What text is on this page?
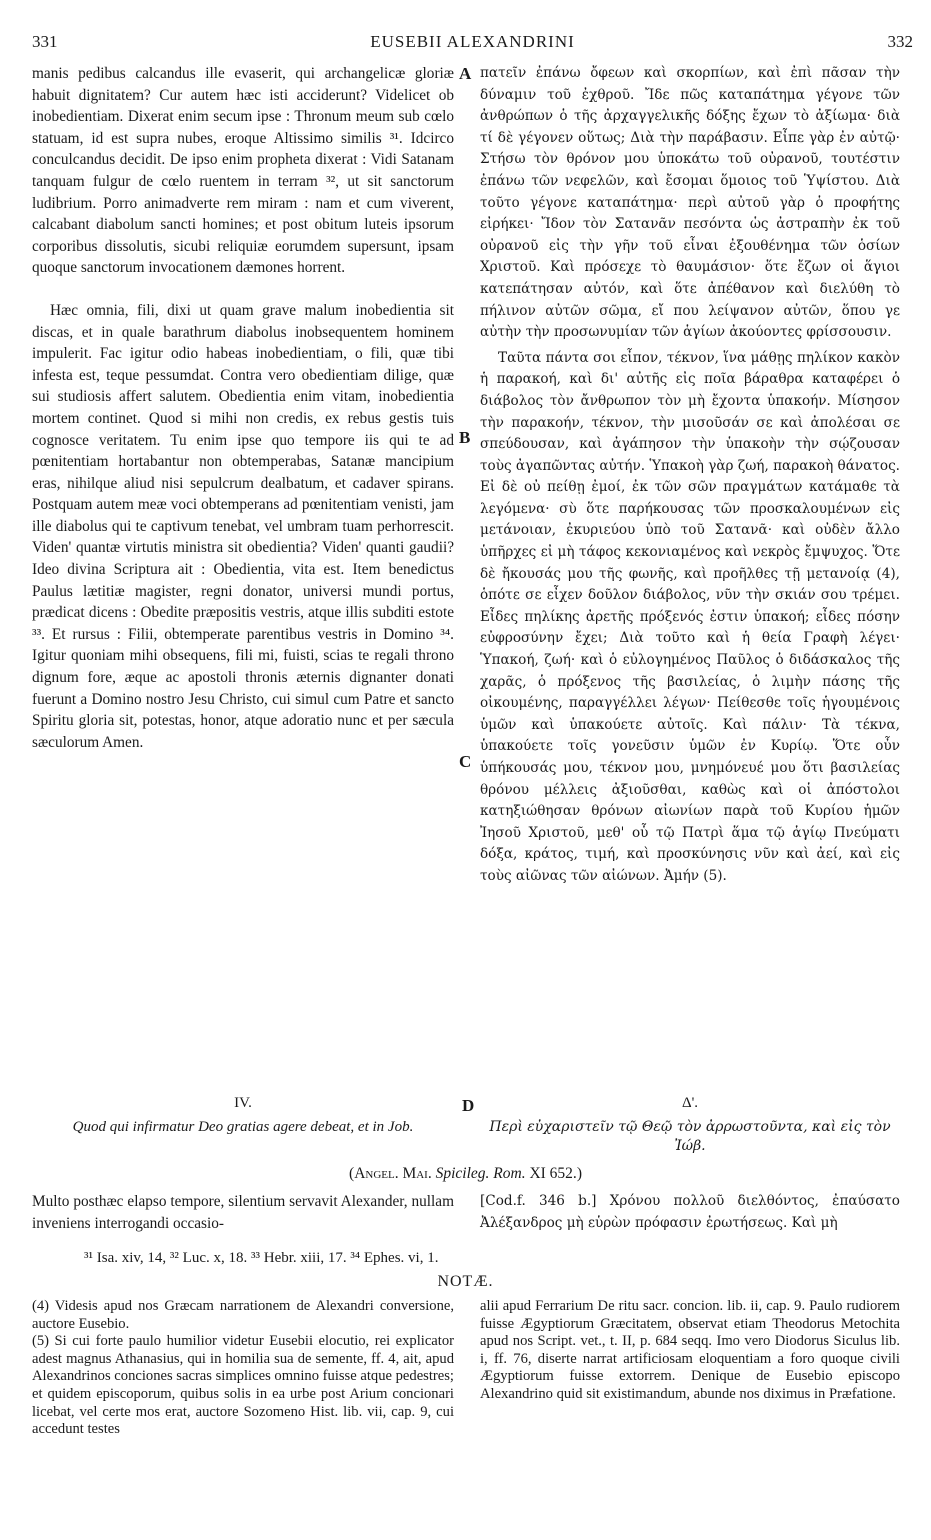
331	EUSEBII ALEXANDRINI	332

manis pedibus calcandus ille evaserit, qui archangelicæ gloriæ habuit dignitatem? Cur autem hæc isti acciderunt? Videlicet ob inobedientiam. Dixerat enim secum ipse : Thronum meum sub cœlo statuam, id est supra nubes, eroque Altissimo similis ³¹. Idcirco conculcandus decidit. De ipso enim propheta dixerat : Vidi Satanam tanquam fulgur de cœlo ruentem in terram ³², ut sit sanctorum ludibrium. Porro animadverte rem miram : nam et cum viverent, calcabant diabolum sancti homines; et post obitum luteis ipsorum corporibus dissolutis, sicubi reliquiæ eorumdem supersunt, ipsam quoque sanctorum invocationem dæmones horrent.

Hæc omnia, fili, dixi ut quam grave malum inobedientia sit discas, et in quale barathrum diabolus inobsequentem hominem impulerit. Fac igitur odio habeas inobedientiam, o fili, quæ tibi infesta est, teque pessumdat. Contra vero obedientiam dilige, quæ sui studiosis affert salutem. Obedientia enim vitam, inobedientia mortem continet. Quod si mihi non credis, ex rebus gestis tuis cognosce veritatem. Tu enim ipse quo tempore iis qui te ad pœnitentiam hortabantur non obtemperabas, Satanæ mancipium eras, nihilque aliud nisi sepulcrum dealbatum, et cadaver spirans. Postquam autem meæ voci obtemperans ad pœnitentiam venisti, jam ille diabolus qui te captivum tenebat, vel umbram tuam perhorrescit. Viden' quantæ virtutis ministra sit obedientia? Viden' quanti gaudii? Ideo divina Scriptura ait : Obedientia, vita est. Item benedictus Paulus lætitiæ magister, regni donator, universi mundi portus, prædicat dicens : Obedite præpositis vestris, atque illis subditi estote ³³. Et rursus : Filii, obtemperate parentibus vestris in Domino ³⁴. Igitur quoniam mihi obsequens, fili mi, fuisti, scias te regali throno dignum fore, æque ac apostoli thronis æternis dignanter donati fuerunt a Domino nostro Jesu Christo, cui simul cum Patre et sancto Spiritu gloria sit, potestas, honor, atque adoratio nunc et per sæcula sæculorum Amen.

πατεῖν ἐπάνω ὄφεων καὶ σκορπίων, καὶ ἐπὶ πᾶσαν τὴν δύναμιν τοῦ ἐχθροῦ. Ἴδε πῶς καταπάτημα γέγονε τῶν ἀνθρώπων ὁ τῆς ἀρχαγγελικῆς δόξης ἔχων τὸ ἀξίωμα· διὰ τί δὲ γέγονεν οὕτως; Διὰ τὴν παράβασιν. Εἶπε γὰρ ἐν αὐτῷ· Στήσω τὸν θρόνον μου ὑποκάτω τοῦ οὐρανοῦ, τουτέστιν ἐπάνω τῶν νεφελῶν, καὶ ἔσομαι ὅμοιος τοῦ Ὑψίστου. Διὰ τοῦτο γέγονε καταπάτημα· περὶ αὐτοῦ γὰρ ὁ προφήτης εἰρήκει· Ἴδον τὸν Σατανᾶν πεσόντα ὡς ἀστραπὴν ἐκ τοῦ οὐρανοῦ εἰς τὴν γῆν τοῦ εἶναι ἐξουθένημα τῶν ὁσίων Χριστοῦ. Καὶ πρόσεχε τὸ θαυμάσιον· ὅτε ἔζων οἱ ἅγιοι κατεπάτησαν αὐτόν, καὶ ὅτε ἀπέθανον καὶ διελύθη τὸ πήλινον αὐτῶν σῶμα, εἴ που λείψανον αὐτῶν, ὅπου γε αὐτὴν τὴν προσωνυμίαν τῶν ἁγίων ἀκούοντες φρίσσουσιν.

Ταῦτα πάντα σοι εἶπον, τέκνον, ἵνα μάθῃς πηλίκον κακὸν ἡ παρακοή, καὶ δι' αὐτῆς εἰς ποῖα βάραθρα καταφέρει ὁ διάβολος τὸν ἄνθρωπον τὸν μὴ ἔχοντα ὑπακοήν. Μίσησον τὴν παρακοήν, τέκνον, τὴν μισοῦσάν σε καὶ ἀπολέσαι σε σπεύδουσαν, καὶ ἀγάπησον τὴν ὑπακοὴν τὴν σῴζουσαν τοὺς ἀγαπῶντας αὐτήν. Ὑπακοὴ γὰρ ζωή, παρακοὴ θάνατος. Εἰ δὲ οὐ πείθῃ ἐμοί, ἐκ τῶν σῶν πραγμάτων κατάμαθε τὰ λεγόμενα· σὺ ὅτε παρήκουσας τῶν προσκαλουμένων εἰς μετάνοιαν, ἐκυριεύου ὑπὸ τοῦ Σατανᾶ· καὶ οὐδὲν ἄλλο ὑπῆρχες εἰ μὴ τάφος κεκονιαμένος καὶ νεκρὸς ἔμψυχος. Ὅτε δὲ ἤκουσάς μου τῆς φωνῆς, καὶ προῆλθες τῇ μετανοίᾳ (4), ὁπότε σε εἶχεν δοῦλον διάβολος, νῦν τὴν σκιάν σου τρέμει. Εἶδες πηλίκης ἀρετῆς πρόξενός ἐστιν ὑπακοή; εἶδες πόσην εὐφροσύνην ἔχει; Διὰ τοῦτο καὶ ἡ θεία Γραφὴ λέγει· Ὑπακοή, ζωή· καὶ ὁ εὐλογημένος Παῦλος ὁ διδάσκαλος τῆς χαρᾶς, ὁ πρόξενος τῆς βασιλείας, ὁ λιμὴν πάσης τῆς οἰκουμένης, παραγγέλλει λέγων· Πείθεσθε τοῖς ἡγουμένοις ὑμῶν καὶ ὑπακούετε αὐτοῖς. Καὶ πάλιν· Τὰ τέκνα, ὑπακούετε τοῖς γονεῦσιν ὑμῶν ἐν Κυρίῳ. Ὅτε οὖν ὑπήκουσάς μου, τέκνον μου, μνημόνευέ μου ὅτι βασιλείας θρόνου μέλλεις ἀξιοῦσθαι, καθὼς καὶ οἱ ἀπόστολοι κατηξιώθησαν θρόνων αἰωνίων παρὰ τοῦ Κυρίου ἡμῶν Ἰησοῦ Χριστοῦ, μεθ' οὗ τῷ Πατρὶ ἅμα τῷ ἁγίῳ Πνεύματι δόξα, κράτος, τιμή, καὶ προσκύνησις νῦν καὶ ἀεί, καὶ εἰς τοὺς αἰῶνας τῶν αἰώνων. Ἀμήν (5).

A
B
C
D
IV.
Quod qui infirmatur Deo gratias agere debeat, et in Job.
Δ'.
Περὶ εὐχαριστεῖν τῷ Θεῷ τὸν ἀρρωστοῦντα, καὶ εἰς τὸν Ἰώβ.
(Angel. Mai. Spicileg. Rom. XI 652.)
Multo posthæc elapso tempore, silentium servavit Alexander, nullam inveniens interrogandi occasio-
[Cod.f. 346 b.] Χρόνου πολλοῦ διελθόντος, ἐπαύσατο Ἀλέξανδρος μὴ εὑρὼν πρόφασιν ἐρωτήσεως. Καὶ μὴ
³¹ Isa. xiv, 14, ³² Luc. x, 18. ³³ Hebr. xiii, 17. ³⁴ Ephes. vi, 1.
NOTÆ.

(4) Videsis apud nos Græcam narrationem de Alexandri conversione, auctore Eusebio.

(5) Si cui forte paulo humilior videtur Eusebii elocutio, rei explicator adest magnus Athanasius, qui in homilia sua de semente, ff. 4, ait, apud Alexandrinos conciones sacras simplices omnino fuisse atque pedestres; et quidem episcoporum, quibus solis in ea urbe post Arium concionari licebat, vel certe mos erat, auctore Sozomeno Hist. lib. vii, cap. 9, cui accedunt testes

alii apud Ferrarium De ritu sacr. concion. lib. ii, cap. 9. Paulo rudiorem fuisse Ægyptiorum Græcitatem, observat etiam Theodorus Metochita apud nos Script. vet., t. II, p. 684 seqq. Imo vero Diodorus Siculus lib. i, ff. 76, diserte narrat artificiosam eloquentiam a foro quoque civili Ægyptiorum fuisse extorrem. Denique de Eusebio episcopo Alexandrino quid sit existimandum, abunde nos diximus in Præfatione.
